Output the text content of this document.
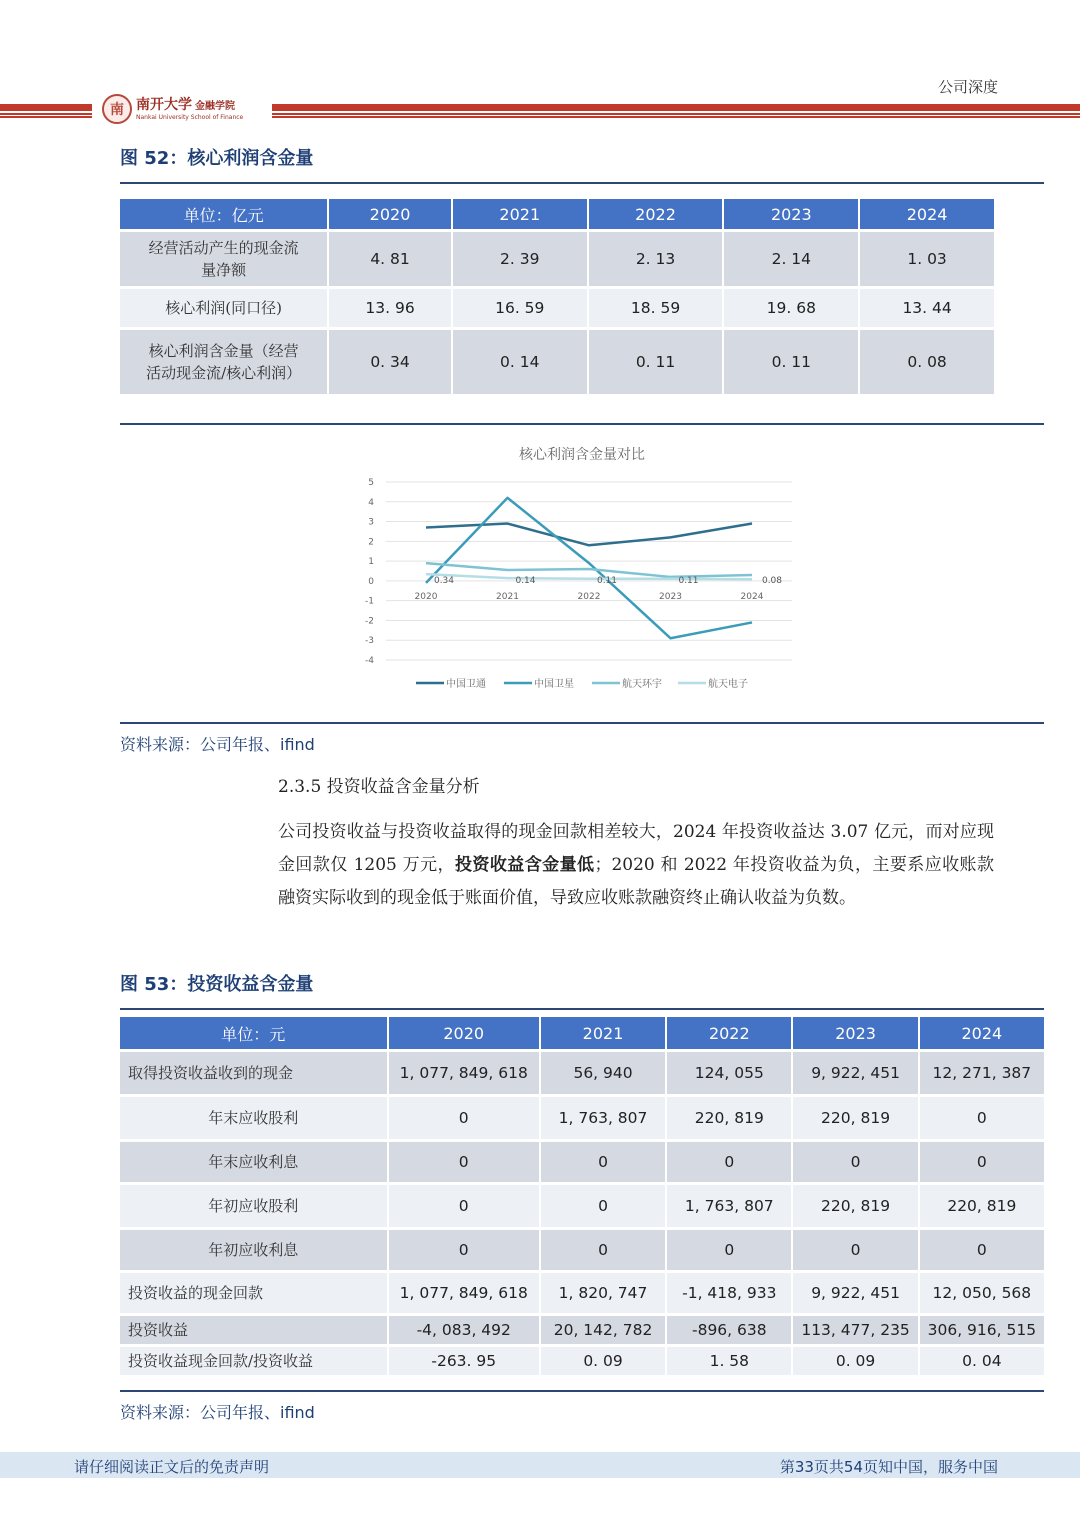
公司深度
南 南开大学 金融学院
Nankai University School of Finance
图 52：核心利润含金量
单位：亿元	2020	2021	2022	2023	2024
经营活动产生的现金流
量净额	4. 81	2. 39	2. 13	2. 14	1. 03
核心利润(同口径)	13. 96	16. 59	18. 59	19. 68	13. 44
核心利润含金量（经营
活动现金流/核心利润）	0. 34	0. 14	0. 11	0. 11	0. 08
核心利润含金量对比
5
4
3
2
1
0
-1
-2
-3
-4
2020	2021	2022	2023	2024
0.34	0.14	0.11	0.11	0.08
中国卫通	中国卫星	航天环宇	航天电子
资料来源：公司年报、ifind
2.3.5 投资收益含金量分析
公司投资收益与投资收益取得的现金回款相差较大，2024 年投资收益达 3.07 亿元，而对应现金回款仅 1205 万元，投资收益含金量低；2020 和 2022 年投资收益为负，主要系应收账款融资实际收到的现金低于账面价值，导致应收账款融资终止确认收益为负数。
图 53：投资收益含金量
单位：元	2020	2021	2022	2023	2024
取得投资收益收到的现金	1, 077, 849, 618	56, 940	124, 055	9, 922, 451	12, 271, 387
年末应收股利	0	1, 763, 807	220, 819	220, 819	0
年末应收利息	0	0	0	0	0
年初应收股利	0	0	1, 763, 807	220, 819	220, 819
年初应收利息	0	0	0	0	0
投资收益的现金回款	1, 077, 849, 618	1, 820, 747	-1, 418, 933	9, 922, 451	12, 050, 568
投资收益	-4, 083, 492	20, 142, 782	-896, 638	113, 477, 235	306, 916, 515
投资收益现金回款/投资收益	-263. 95	0. 09	1. 58	0. 09	0. 04
资料来源：公司年报、ifind
请仔细阅读正文后的免责声明	第33页共54页知中国，服务中国
